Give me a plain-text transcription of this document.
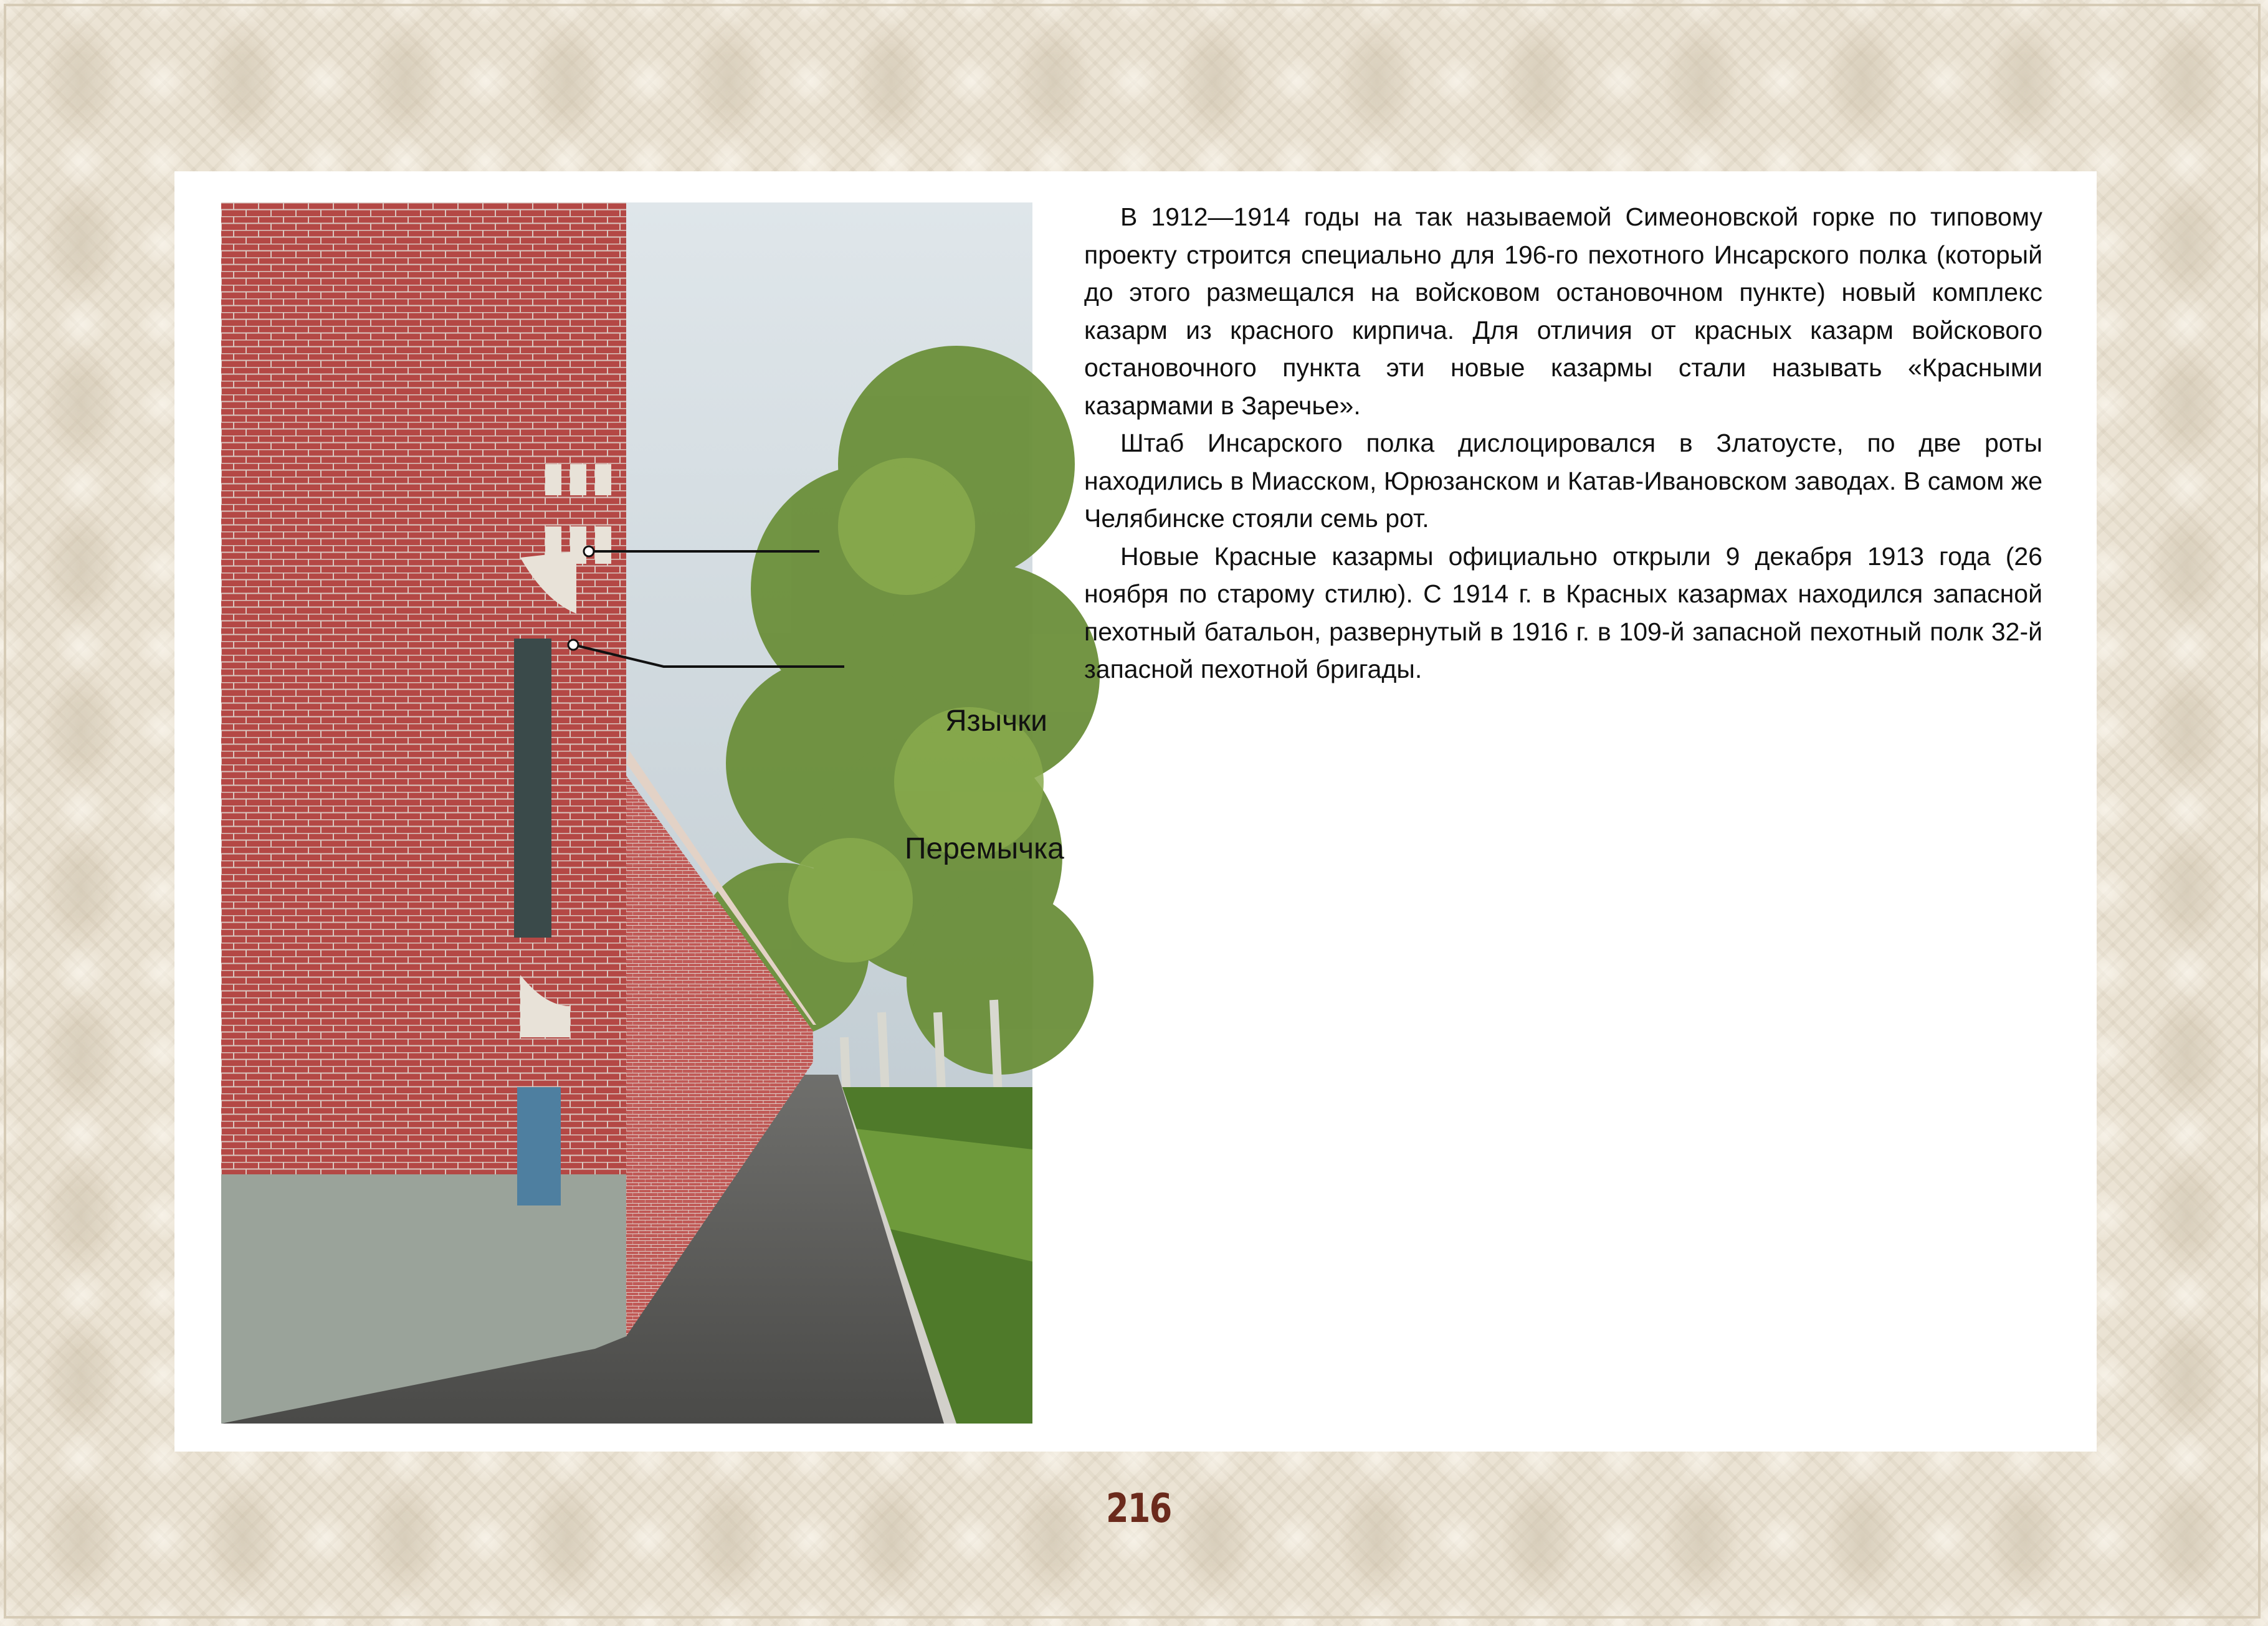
Язычки
Перемычка

В 1912—1914 годы на так называемой Симеоновской горке по типовому проекту строится специально для 196-го пехотного Инсарского полка (который до этого размещался на войсковом остановочном пункте) новый комплекс казарм из красного кирпича. Для отличия от красных казарм войскового остановочного пункта эти новые казармы стали называть «Красными казармами в Заречье».

Штаб Инсарского полка дислоцировался в Златоусте, по две роты находились в Миасском, Юрюзанском и Катав-Ивановском заводах. В самом же Челябинске стояли семь рот.

Новые Красные казармы официально открыли 9 декабря 1913 года (26 ноября по старому стилю). С 1914 г. в Красных казармах находился запасной пехотный батальон, развернутый в 1916 г. в 109-й запасной пехотный полк 32-й запасной пехотной бригады.

216
